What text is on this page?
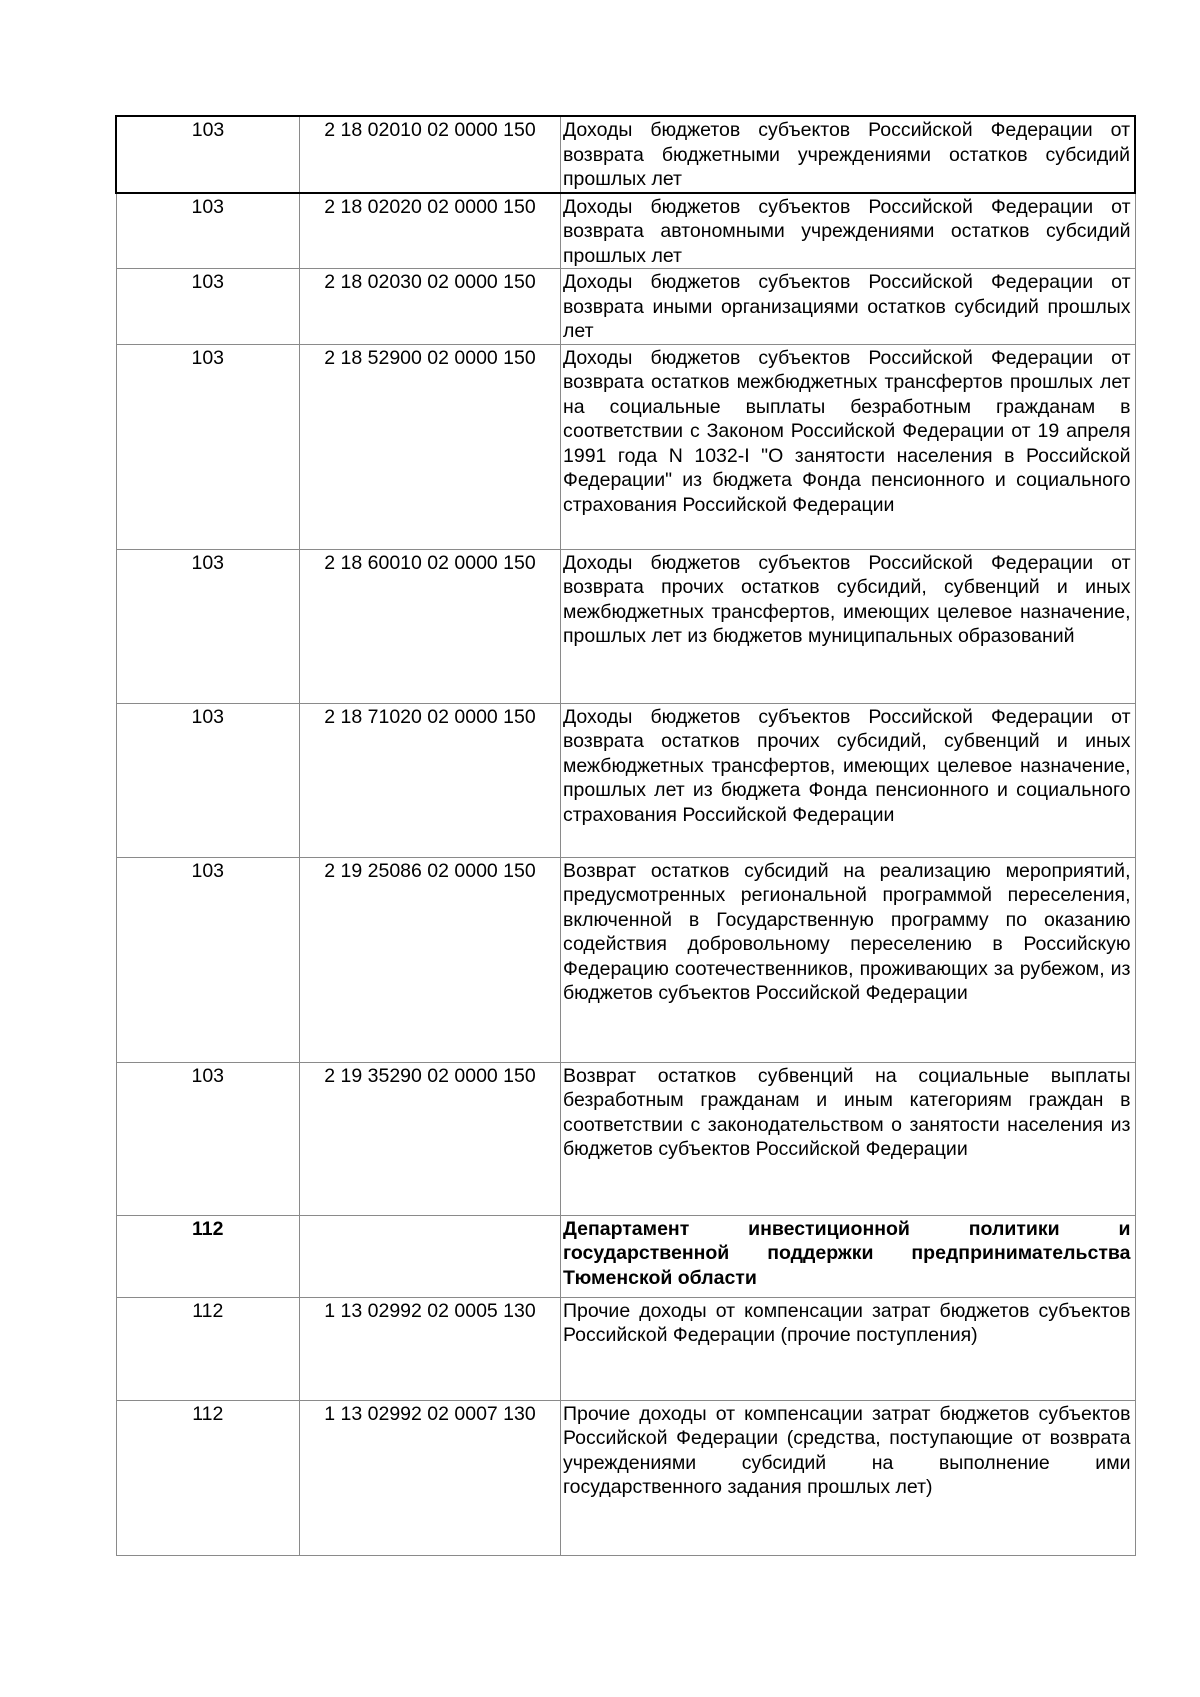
103	2 18 02010 02 0000 150	Доходы бюджетов субъектов Российской Федерации от возврата бюджетными учреждениями остатков субсидий прошлых лет

103	2 18 02020 02 0000 150	Доходы бюджетов субъектов Российской Федерации от возврата автономными учреждениями остатков субсидий прошлых лет

103	2 18 02030 02 0000 150	Доходы бюджетов субъектов Российской Федерации от возврата иными организациями остатков субсидий прошлых лет

103	2 18 52900 02 0000 150	Доходы бюджетов субъектов Российской Федерации от возврата остатков межбюджетных трансфертов прошлых лет на социальные выплаты безработным гражданам в соответствии с Законом Российской Федерации от 19 апреля 1991 года N 1032-I "О занятости населения в Российской Федерации" из бюджета Фонда пенсионного и социального страхования Российской Федерации

103	2 18 60010 02 0000 150	Доходы бюджетов субъектов Российской Федерации от возврата прочих остатков субсидий, субвенций и иных межбюджетных трансфертов, имеющих целевое назначение, прошлых лет из бюджетов муниципальных образований

103	2 18 71020 02 0000 150	Доходы бюджетов субъектов Российской Федерации от возврата остатков прочих субсидий, субвенций и иных межбюджетных трансфертов, имеющих целевое назначение, прошлых лет из бюджета Фонда пенсионного и социального страхования Российской Федерации

103	2 19 25086 02 0000 150	Возврат остатков субсидий на реализацию мероприятий, предусмотренных региональной программой переселения, включенной в Государственную программу по оказанию содействия добровольному переселению в Российскую Федерацию соотечественников, проживающих за рубежом, из бюджетов субъектов Российской Федерации

103	2 19 35290 02 0000 150	Возврат остатков субвенций на социальные выплаты безработным гражданам и иным категориям граждан в соответствии с законодательством о занятости населения из бюджетов субъектов Российской Федерации

112		Департамент инвестиционной политики и государственной поддержки предпринимательства Тюменской области

112	1 13 02992 02 0005 130	Прочие доходы от компенсации затрат бюджетов субъектов Российской Федерации (прочие поступления)

112	1 13 02992 02 0007 130	Прочие доходы от компенсации затрат бюджетов субъектов Российской Федерации (средства, поступающие от возврата учреждениями субсидий на выполнение ими государственного задания прошлых лет)
